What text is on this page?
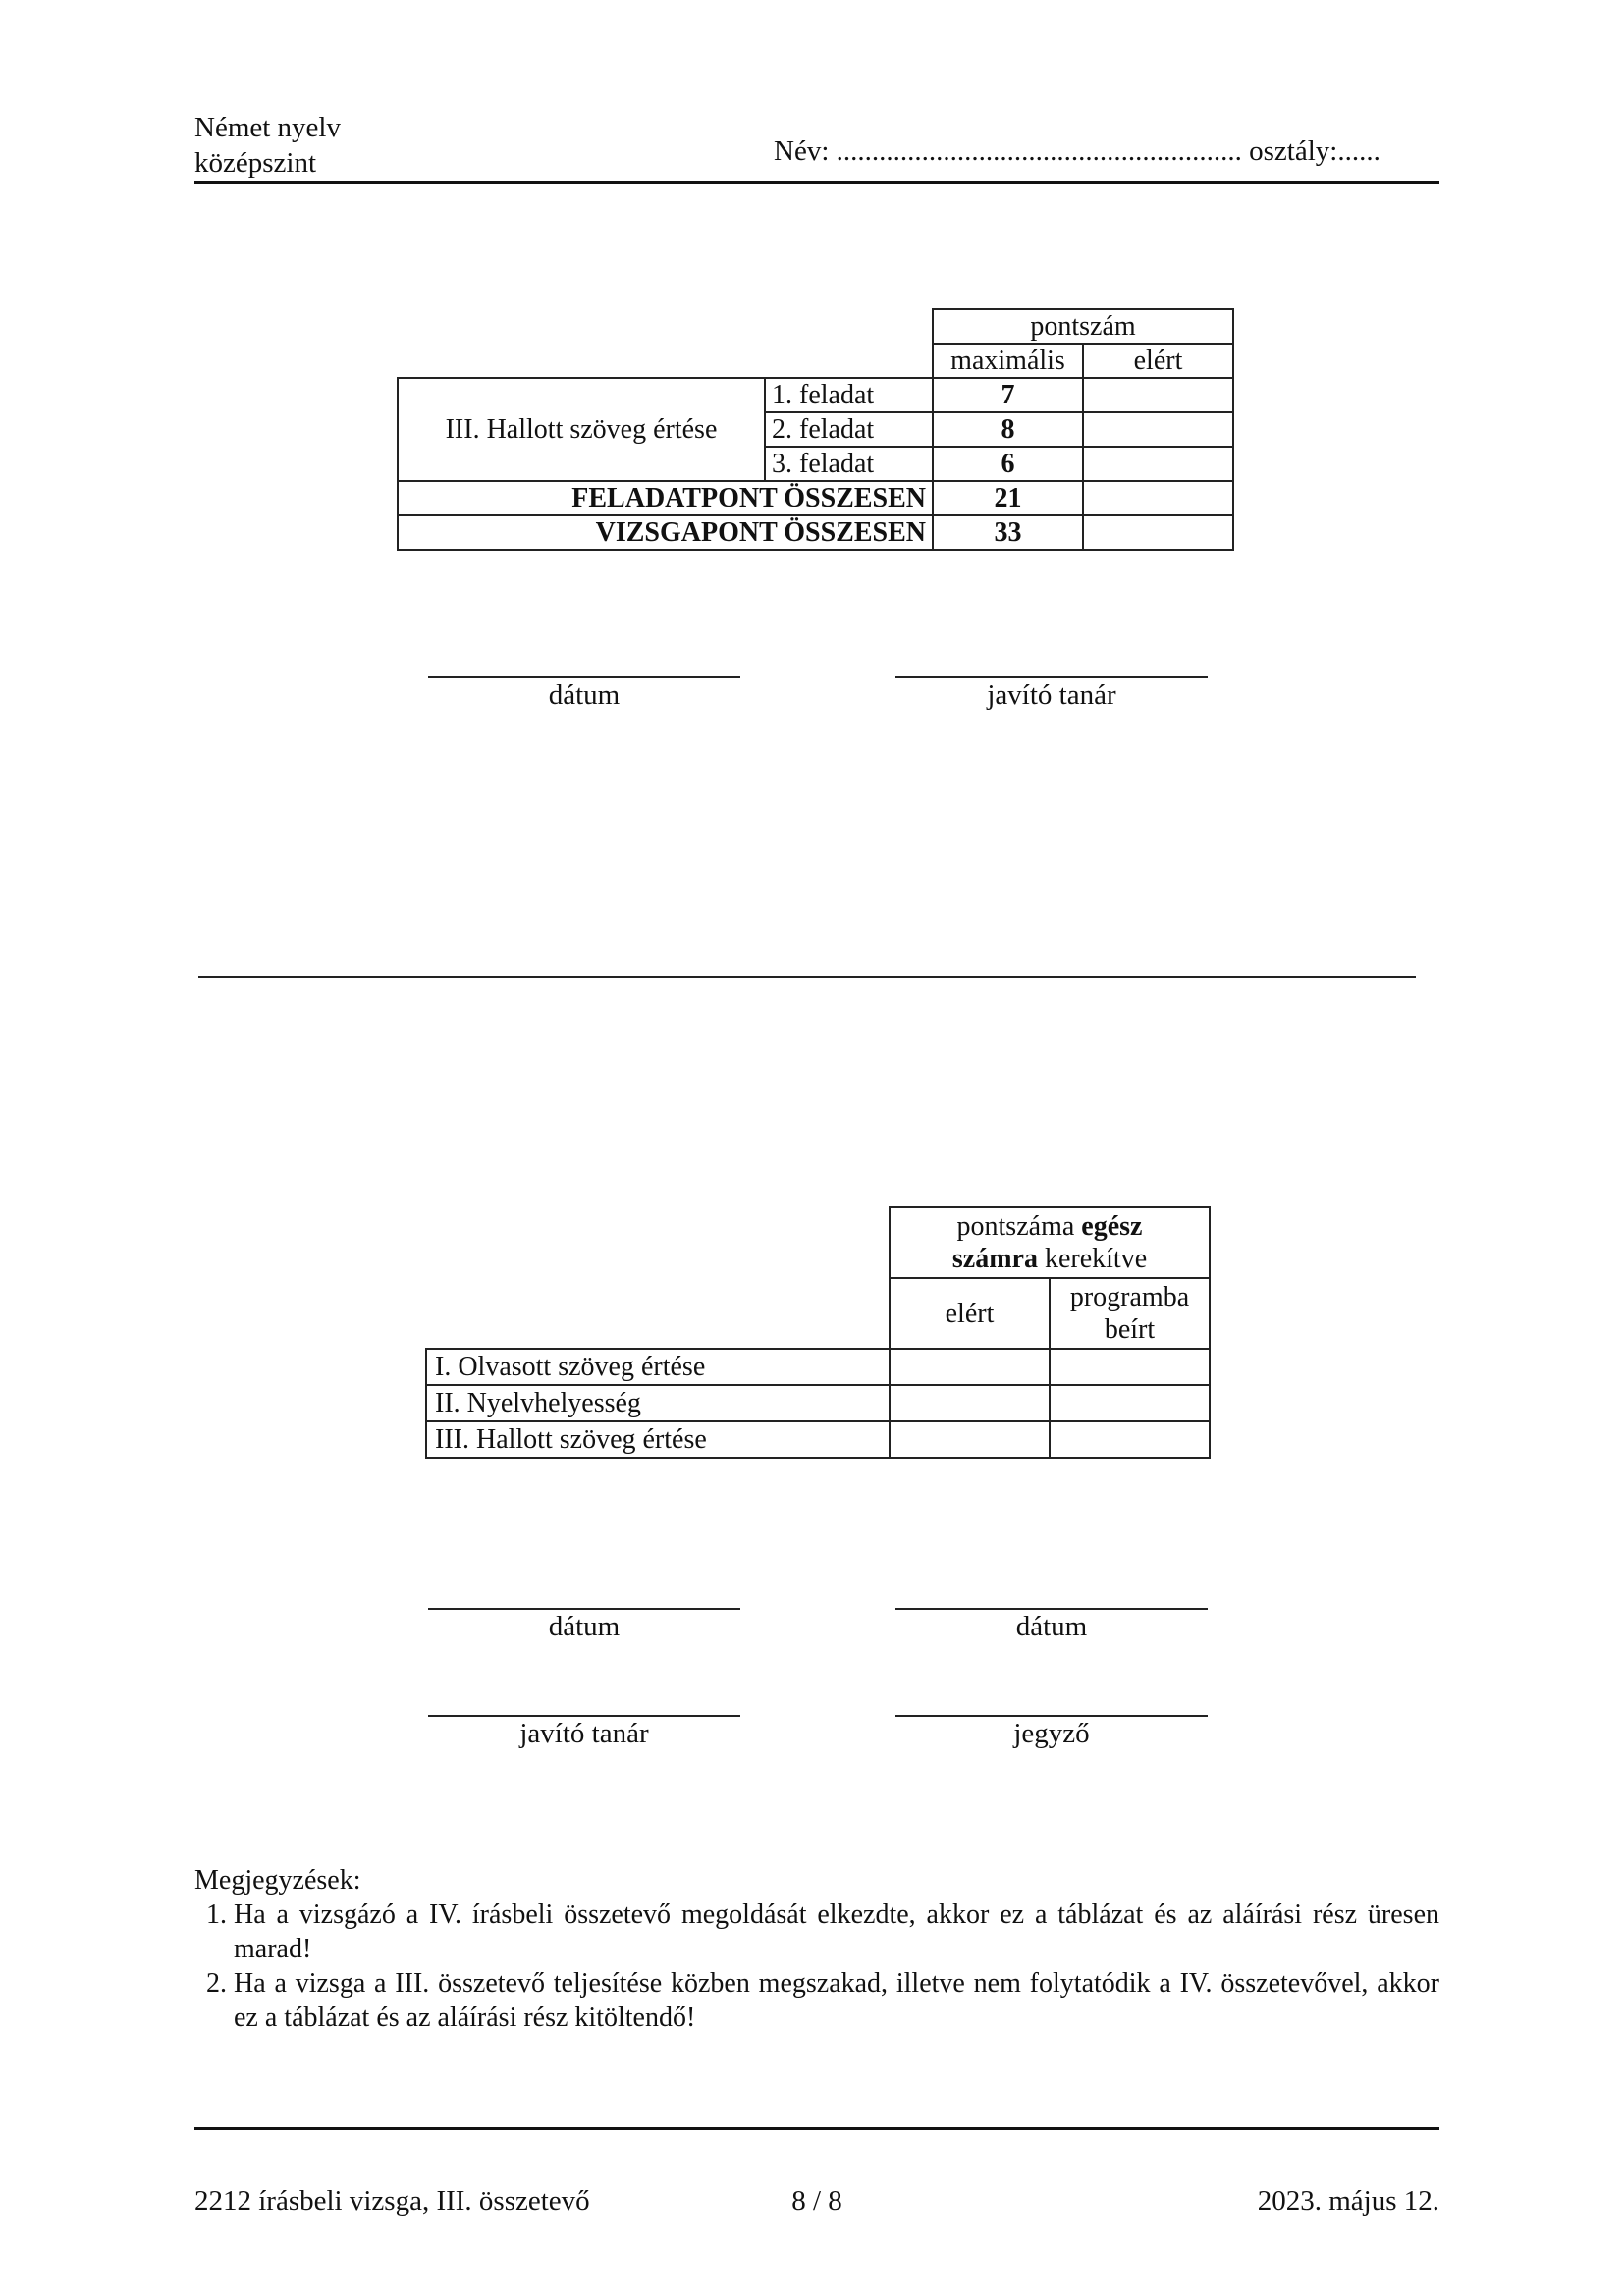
Német nyelv
középszint	Név: ......................................................... osztály:......
		pontszám	
		maximális	elért
III. Hallott szöveg értése	1. feladat	7	
	2. feladat	8	
	3. feladat	6	
FELADATPONT ÖSSZESEN		21	
VIZSGAPONT ÖSSZESEN		33	
dátum	javító tanár
	pontszáma egész
számra kerekítve	
	elért	programba
beírt
I. Olvasott szöveg értése		
II. Nyelvhelyesség		
III. Hallott szöveg értése		
dátum	dátum
javító tanár	jegyző
Megjegyzések:
1. Ha a vizsgázó a IV. írásbeli összetevő megoldását elkezdte, akkor ez a táblázat és az aláírási rész üresen marad!
2. Ha a vizsga a III. összetevő teljesítése közben megszakad, illetve nem folytatódik a IV. összetevővel, akkor ez a táblázat és az aláírási rész kitöltendő!
2212 írásbeli vizsga, III. összetevő	8 / 8	2023. május 12.
